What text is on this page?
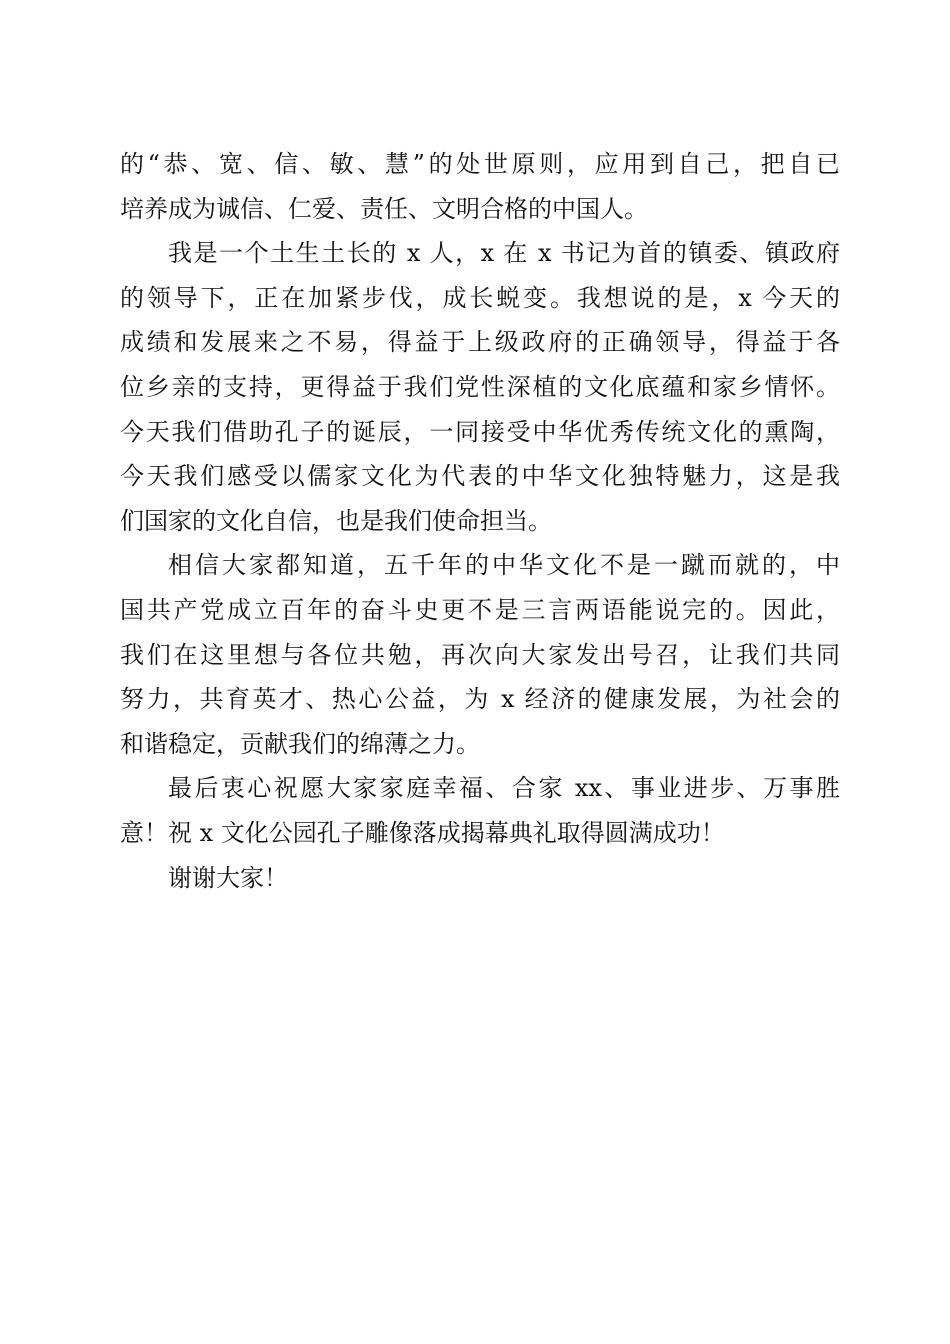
的“恭、宽、信、敏、慧”的处世原则，应用到自己，把自已
培养成为诚信、仁爱、责任、文明合格的中国人。
我是一个土生土长的 x 人，x 在 x 书记为首的镇委、镇政府
的领导下，正在加紧步伐，成长蜕变。我想说的是，x 今天的
成绩和发展来之不易，得益于上级政府的正确领导，得益于各
位乡亲的支持，更得益于我们党性深植的文化底蕴和家乡情怀。
今天我们借助孔子的诞辰，一同接受中华优秀传统文化的熏陶，
今天我们感受以儒家文化为代表的中华文化独特魅力，这是我
们国家的文化自信，也是我们使命担当。
相信大家都知道，五千年的中华文化不是一蹴而就的，中
国共产党成立百年的奋斗史更不是三言两语能说完的。因此，
我们在这里想与各位共勉，再次向大家发出号召，让我们共同
努力，共育英才、热心公益，为 x 经济的健康发展，为社会的
和谐稳定，贡献我们的绵薄之力。
最后衷心祝愿大家家庭幸福、合家 xx、事业进步、万事胜
意！祝 x 文化公园孔子雕像落成揭幕典礼取得圆满成功！
谢谢大家！
